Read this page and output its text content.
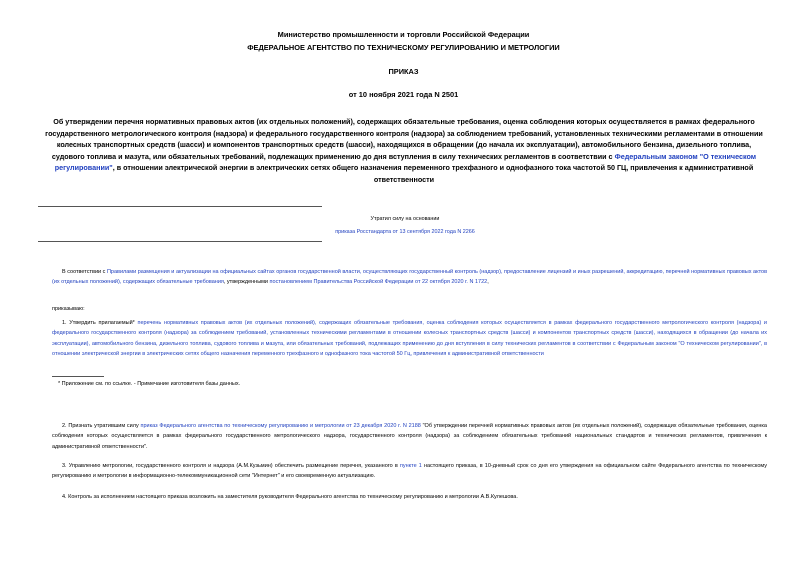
Министерство промышленности и торговли Российской Федерации
ФЕДЕРАЛЬНОЕ АГЕНТСТВО ПО ТЕХНИЧЕСКОМУ РЕГУЛИРОВАНИЮ И МЕТРОЛОГИИ
ПРИКАЗ
от 10 ноября 2021 года N 2501
Об утверждении перечня нормативных правовых актов (их отдельных положений), содержащих обязательные требования, оценка соблюдения которых осуществляется в рамках федерального государственного метрологического контроля (надзора) и федерального государственного контроля (надзора) за соблюдением требований, установленных техническими регламентами в отношении колесных транспортных средств (шасси) и компонентов транспортных средств (шасси), находящихся в обращении (до начала их эксплуатации), автомобильного бензина, дизельного топлива, судового топлива и мазута, или обязательных требований, подлежащих применению до дня вступления в силу технических регламентов в соответствии с Федеральным законом "О техническом регулировании", в отношении электрической энергии в электрических сетях общего назначения переменного трехфазного и однофазного тока частотой 50 ГЦ, привлечения к административной ответственности
Утратил силу на основании
приказа Росстандарта от 13 сентября 2022 года N 2266
В соответствии с Правилами размещения и актуализации на официальных сайтах органов государственной власти, осуществляющих государственный контроль (надзор), предоставление лицензий и иных разрешений, аккредитацию, перечней нормативных правовых актов (их отдельных положений), содержащих обязательные требования, утвержденными постановлением Правительства Российской Федерации от 22 октября 2020 г. N 1722,
приказываю:
1. Утвердить прилагаемый* перечень нормативных правовых актов (их отдельных положений), содержащих обязательные требования, оценка соблюдения которых осуществляется в рамках федерального государственного метрологического контроля (надзора) и федерального государственного контроля (надзора) за соблюдением требований, установленных техническими регламентами в отношении колесных транспортных средств (шасси) и компонентов транспортных средств (шасси), находящихся в обращении (до начала их эксплуатации), автомобильного бензина, дизельного топлива, судового топлива и мазута, или обязательных требований, подлежащих применению до дня вступления в силу технических регламентов в соответствии с Федеральным законом "О техническом регулировании", в отношении электрической энергии в электрических сетях общего назначения переменного трехфазного и однофазного тока частотой 50 Гц, привлечения к административной ответственности
* Приложение см. по ссылке. - Примечание изготовителя базы данных.
2. Признать утратившим силу приказ Федерального агентства по техническому регулированию и метрологии от 23 декабря 2020 г. N 2188 "Об утверждении перечней нормативных правовых актов (их отдельных положений), содержащих обязательные требования, оценка соблюдения которых осуществляется в рамках федерального государственного метрологического надзора, государственного контроля (надзора) за соблюдением обязательных требований национальных стандартов и технических регламентов, привлечения к административной ответственности".
3. Управлению метрологии, государственного контроля и надзора (А.М.Кузьмин) обеспечить размещение перечня, указанного в пункте 1 настоящего приказа, в 10-дневный срок со дня его утверждения на официальном сайте Федерального агентства по техническому регулированию и метрологии в информационно-телекоммуникационной сети "Интернет" и его своевременную актуализацию.
4. Контроль за исполнением настоящего приказа возложить на заместителя руководителя Федерального агентства по техническому регулированию и метрологии А.В.Кулешова.
